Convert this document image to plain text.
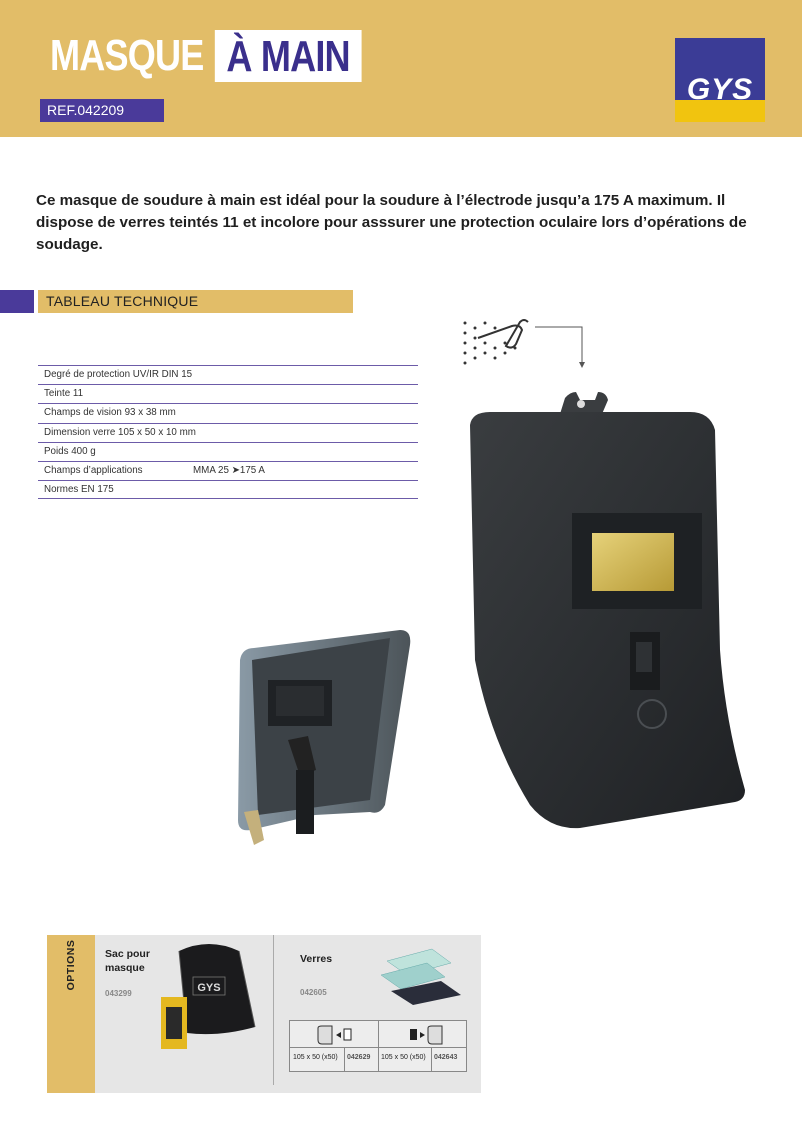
MASQUE À MAIN
REF.042209
GYS

Ce masque de soudure à main est idéal pour la soudure à l’électrode jusqu’a 175 A maximum. Il dispose de verres teintés 11 et incolore pour asssurer une protection oculaire lors d’opérations de soudage.

TABLEAU TECHNIQUE
Degré de protection UV/IR DIN 15
Teinte 11
Champs de vision 93 x 38 mm
Dimension verre 105 x 50 x 10 mm
Poids 400 g
Champs d’applications	MMA 25 ➤175 A
Normes EN 175
OPTIONS	Sac pour masque
043299	GYS
Verres
042605
105 x 50 (x50) 042629 105 x 50 (x50) 042643
